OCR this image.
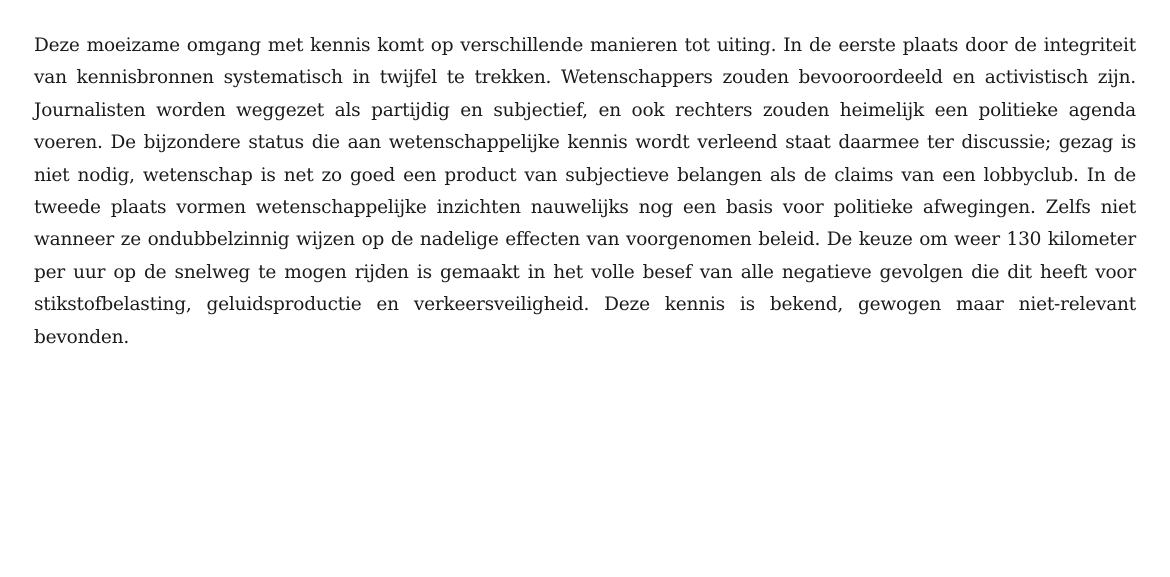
Deze moeizame omgang met kennis komt op verschillende manieren tot uiting. In de eerste plaats door de integriteit van kennisbronnen systematisch in twijfel te trekken. Wetenschappers zouden bevooroordeeld en activistisch zijn. Journalisten worden weggezet als partijdig en subjectief, en ook rechters zouden heimelijk een politieke agenda voeren. De bijzondere status die aan wetenschappelijke kennis wordt verleend staat daarmee ter discussie; gezag is niet nodig, wetenschap is net zo goed een product van subjectieve belangen als de claims van een lobbyclub. In de tweede plaats vormen wetenschappelijke inzichten nauwelijks nog een basis voor politieke afwegingen. Zelfs niet wanneer ze ondubbelzinnig wijzen op de nadelige effecten van voorgenomen beleid. De keuze om weer 130 kilometer per uur op de snelweg te mogen rijden is gemaakt in het volle besef van alle negatieve gevolgen die dit heeft voor stikstofbelasting, geluidsproductie en verkeersveiligheid. Deze kennis is bekend, gewogen maar niet-relevant bevonden.
